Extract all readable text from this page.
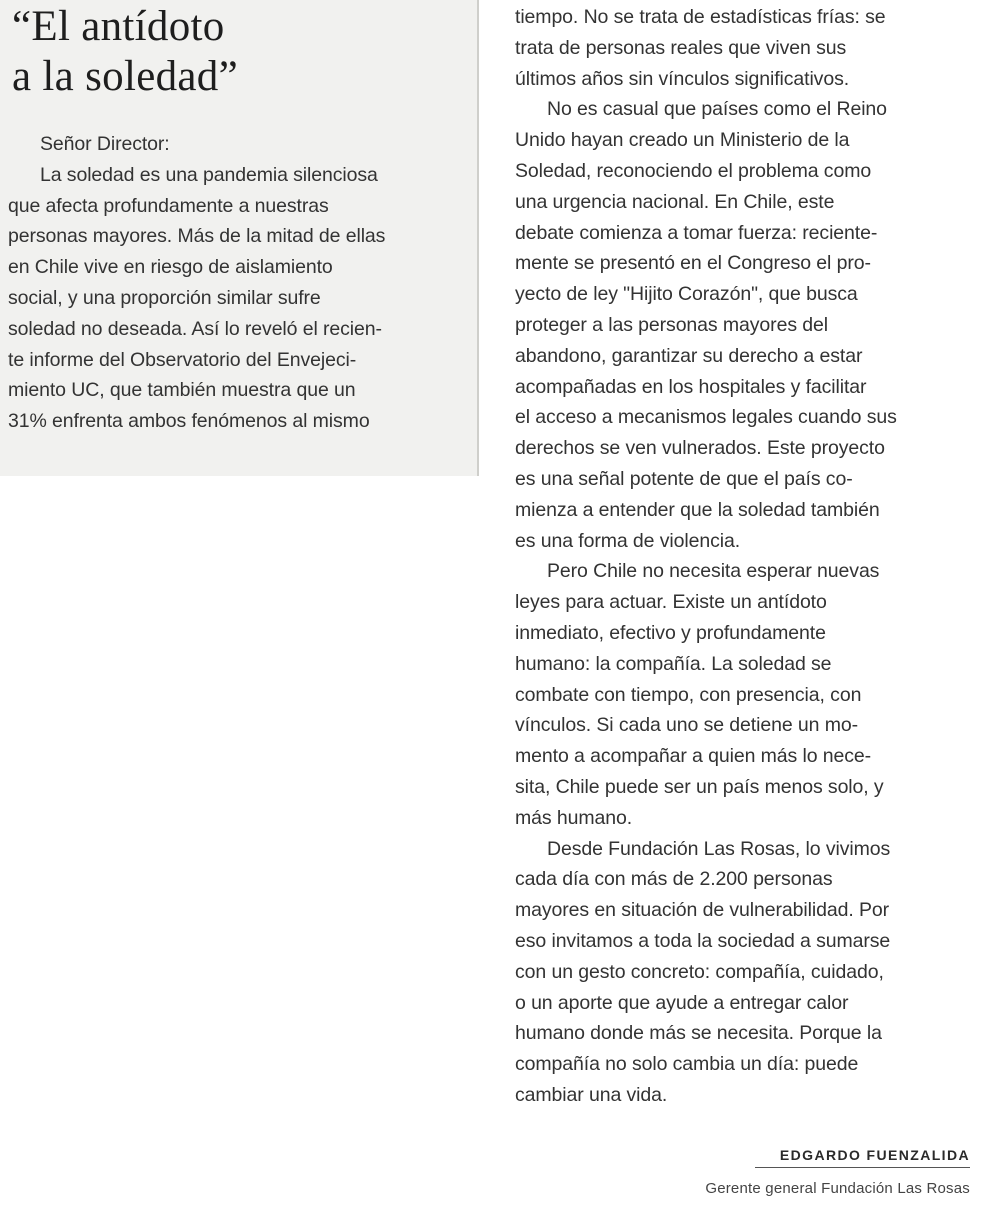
“El antídoto
a la soledad”
Señor Director:
La soledad es una pandemia silenciosa
que afecta profundamente a nuestras
personas mayores. Más de la mitad de ellas
en Chile vive en riesgo de aislamiento
social, y una proporción similar sufre
soledad no deseada. Así lo reveló el recien-
te informe del Observatorio del Envejeci-
miento UC, que también muestra que un
31% enfrenta ambos fenómenos al mismo
tiempo. No se trata de estadísticas frías: se
trata de personas reales que viven sus
últimos años sin vínculos significativos.
No es casual que países como el Reino
Unido hayan creado un Ministerio de la
Soledad, reconociendo el problema como
una urgencia nacional. En Chile, este
debate comienza a tomar fuerza: reciente-
mente se presentó en el Congreso el pro-
yecto de ley "Hijito Corazón", que busca
proteger a las personas mayores del
abandono, garantizar su derecho a estar
acompañadas en los hospitales y facilitar
el acceso a mecanismos legales cuando sus
derechos se ven vulnerados. Este proyecto
es una señal potente de que el país co-
mienza a entender que la soledad también
es una forma de violencia.
Pero Chile no necesita esperar nuevas
leyes para actuar. Existe un antídoto
inmediato, efectivo y profundamente
humano: la compañía. La soledad se
combate con tiempo, con presencia, con
vínculos. Si cada uno se detiene un mo-
mento a acompañar a quien más lo nece-
sita, Chile puede ser un país menos solo, y
más humano.
Desde Fundación Las Rosas, lo vivimos
cada día con más de 2.200 personas
mayores en situación de vulnerabilidad. Por
eso invitamos a toda la sociedad a sumarse
con un gesto concreto: compañía, cuidado,
o un aporte que ayude a entregar calor
humano donde más se necesita. Porque la
compañía no solo cambia un día: puede
cambiar una vida.
EDGARDO FUENZALIDA
Gerente general Fundación Las Rosas
